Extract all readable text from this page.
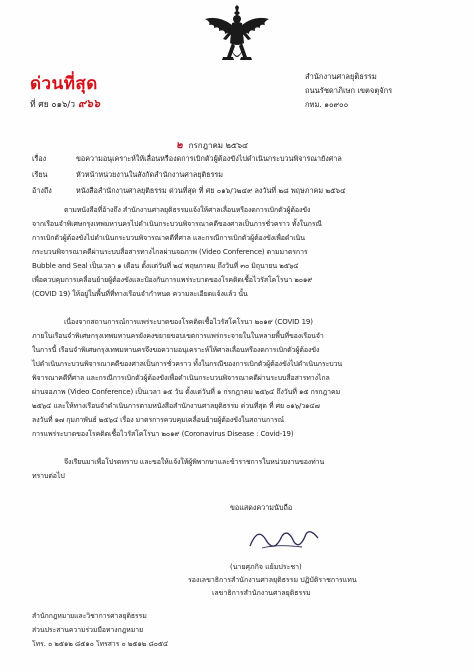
ด่วนที่สุด
ที่ ศย ๐๑๖/ว ๙๖๖
สำนักงานศาลยุติธรรม
ถนนรัชดาภิเษก เขตจตุจักร
กทม. ๑๐๙๐๐
๒ กรกฎาคม ๒๕๖๔
เรื่อง	ขอความอนุเคราะห์ให้เลื่อนหรืองดการเบิกตัวผู้ต้องขังไปดำเนินกระบวนพิจารณายังศาล
เรียน	หัวหน้าหน่วยงานในสังกัดสำนักงานศาลยุติธรรม
อ้างถึง	หนังสือสำนักงานศาลยุติธรรม ด่วนที่สุด ที่ ศย ๐๑๖/ว๒๔๙ ลงวันที่ ๒๘ พฤษภาคม ๒๕๖๔
ตามหนังสือที่อ้างถึง สำนักงานศาลยุติธรรมแจ้งให้ศาลเลื่อนหรืองดการเบิกตัวผู้ต้องขัง
จากเรือนจำพิเศษกรุงเทพมหานครไปดำเนินกระบวนพิจารณาคดีของศาลเป็นการชั่วคราว ทั้งในกรณี
การเบิกตัวผู้ต้องขังไปดำเนินกระบวนพิจารณาคดีที่ศาล และกรณีการเบิกตัวผู้ต้องขังเพื่อดำเนิน
กระบวนพิจารณาคดีผ่านระบบสื่อสารทางไกลผ่านจอภาพ (Video Conference) ตามมาตรการ
Bubble and Seal เป็นเวลา ๑ เดือน ตั้งแต่วันที่ ๒๔ พฤษภาคม ถึงวันที่ ๓๐ มิถุนายน ๒๕๖๔
เพื่อควบคุมการเคลื่อนย้ายผู้ต้องขังและป้องกันการแพร่ระบาดของโรคติดเชื้อไวรัสโคโรนา ๒๐๑๙
(COVID 19) ให้อยู่ในพื้นที่ที่ทางเรือนจำกำหนด ความละเอียดแจ้งแล้ว นั้น
เนื่องจากสถานการณ์การแพร่ระบาดของโรคติดเชื้อไวรัสโคโรนา ๒๐๑๙ (COVID 19)
ภายในเรือนจำพิเศษกรุงเทพมหานครยังคงขยายขอบเขตการแพร่กระจายในในหลายพื้นที่ของเรือนจำ
ในการนี้ เรือนจำพิเศษกรุงเทพมหานครจึงขอความอนุเคราะห์ให้ศาลเลื่อนหรืองดการเบิกตัวผู้ต้องขัง
ไปดำเนินกระบวนพิจารณาคดีของศาลเป็นการชั่วคราว ทั้งในกรณีของการเบิกตัวผู้ต้องขังไปดำเนินกระบวน
พิจารณาคดีที่ศาล และกรณีการเบิกตัวผู้ต้องขังเพื่อดำเนินกระบวนพิจารณาคดีผ่านระบบสื่อสารทางไกล
ผ่านจอภาพ (Video Conference) เป็นเวลา ๑๕ วัน ตั้งแต่วันที่ ๑ กรกฎาคม ๒๕๖๔ ถึงวันที่ ๑๕ กรกฎาคม
๒๕๖๔ และให้ทางเรือนจำดำเนินการตามหนังสือสำนักงานศาลยุติธรรม ด่วนที่สุด ที่ ศย ๐๑๖/ว๑๔๗
ลงวันที่ ๑๗ กุมภาพันธ์ ๒๕๖๔ เรื่อง มาตรการควบคุมเคลื่อนย้ายผู้ต้องขังในสถานการณ์
การแพร่ระบาดของโรคติดเชื้อไวรัสโคโรนา ๒๐๑๙ (Coronavirus Disease : Covid-19)
จึงเรียนมาเพื่อโปรดทราบ และขอให้แจ้งให้ผู้พิพากษาและข้าราชการในหน่วยงานของท่าน
ทราบต่อไป
ขอแสดงความนับถือ
(นายศุภกิจ แย้มประชา)
รองเลขาธิการสำนักงานศาลยุติธรรม ปฏิบัติราชการแทน
เลขาธิการสำนักงานศาลยุติธรรม
สำนักกฎหมายและวิชาการศาลยุติธรรม
ส่วนประสานความร่วมมือทางกฎหมาย
โทร. ๐ ๒๕๑๒ ๘๕๑๐ โทรสาร ๐ ๒๕๑๒ ๘๐๕๔
